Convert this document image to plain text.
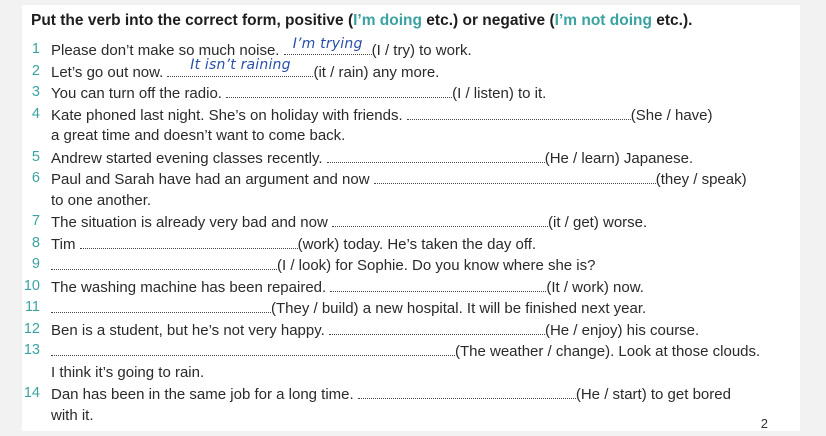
Put the verb into the correct form, positive (I’m doing etc.) or negative (I’m not doing etc.).
1 Please don’t make so much noise. I’m trying (I / try) to work.
2 Let’s go out now.	It isn’t raining	(it / rain) any more.
3 You can turn off the radio.	(I / listen) to it.
4 Kate phoned last night. She’s on holiday with friends.	(She / have)
a great time and doesn’t want to come back.
5 Andrew started evening classes recently.	(He / learn) Japanese.
6 Paul and Sarah have had an argument and now	(they / speak)
to one another.
7 The situation is already very bad and now	(it / get) worse.
8 Tim	(work) today. He’s taken the day off.
9	(I / look) for Sophie. Do you know where she is?
10 The washing machine has been repaired.	(It / work) now.
11	(They / build) a new hospital. It will be finished next year.
12 Ben is a student, but he’s not very happy.	(He / enjoy) his course.
13	(The weather / change). Look at those clouds.
I think it’s going to rain.
14 Dan has been in the same job for a long time.	(He / start) to get bored
with it.	2
